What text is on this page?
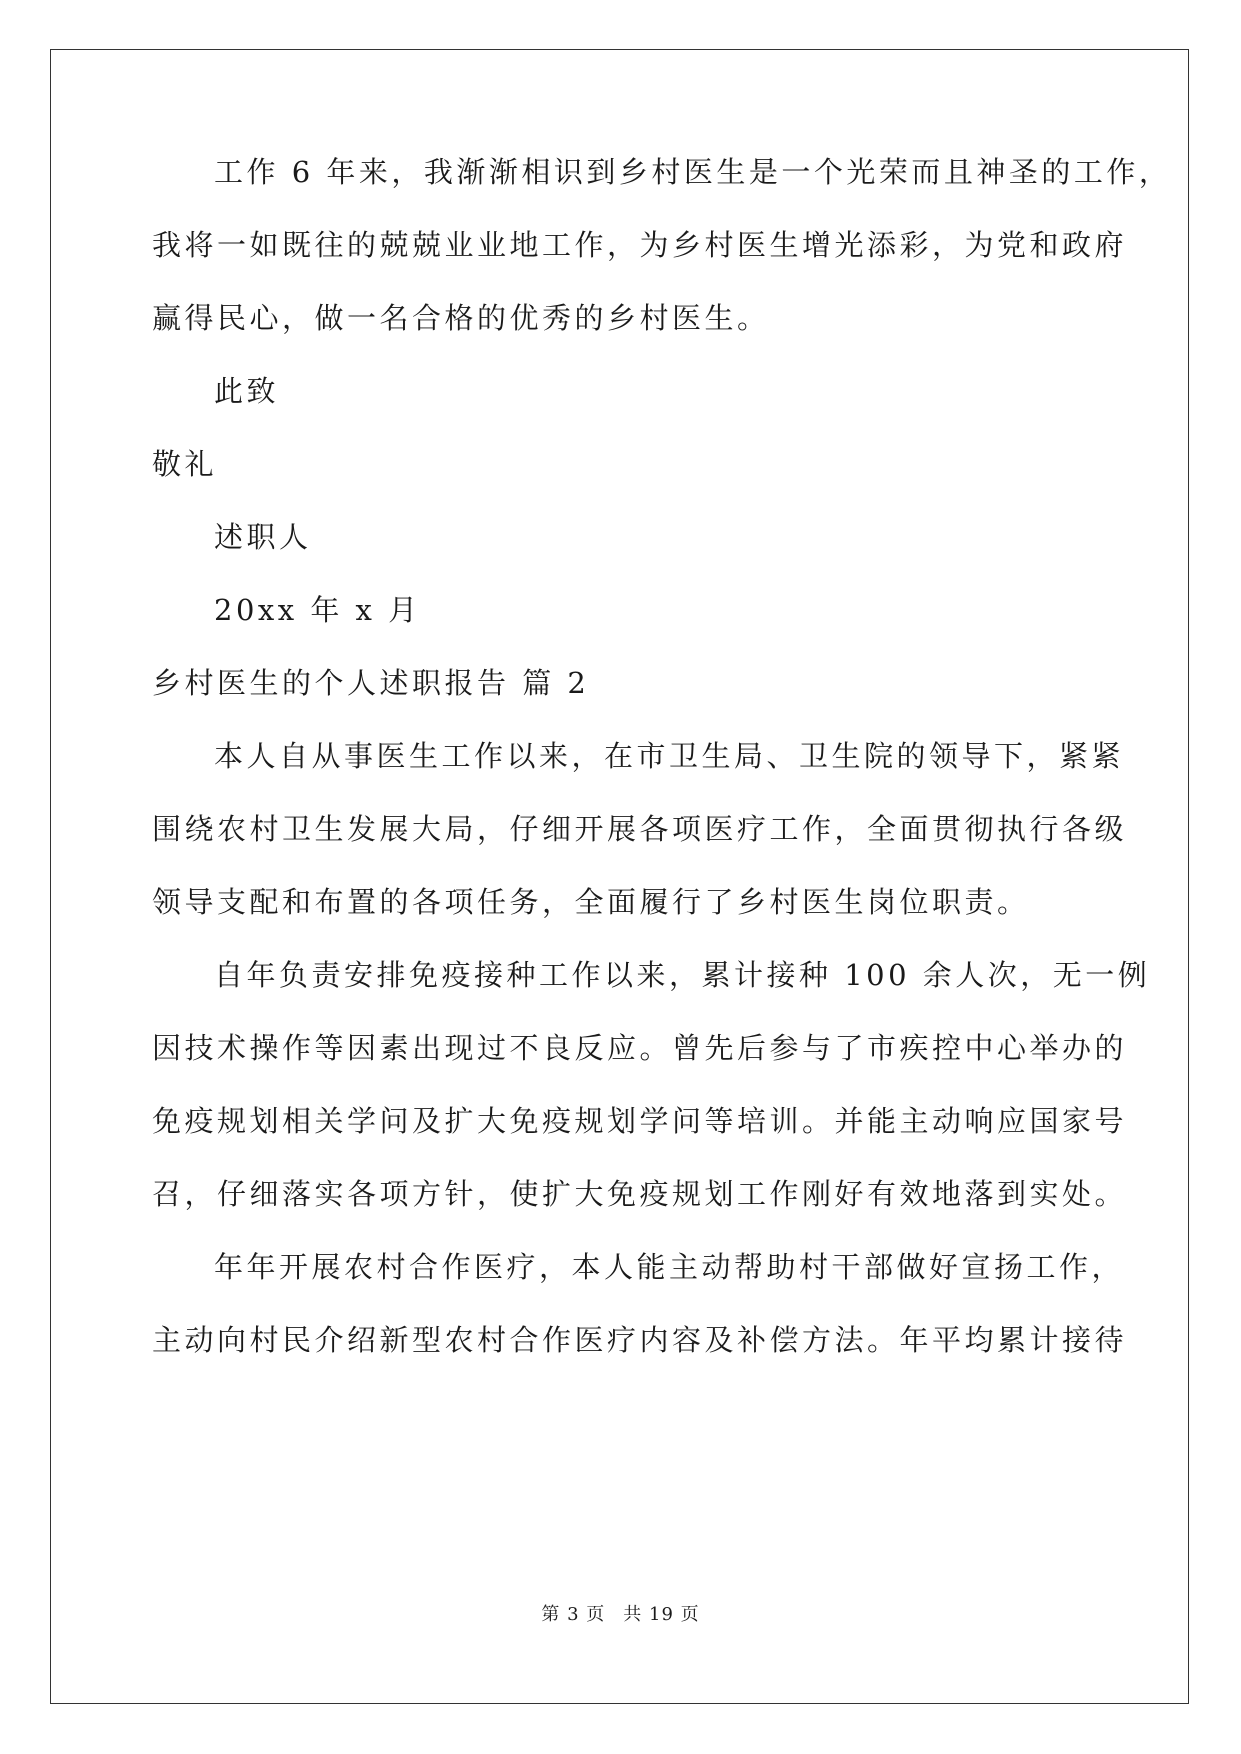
工作 6 年来，我渐渐相识到乡村医生是一个光荣而且神圣的工作，
我将一如既往的兢兢业业地工作，为乡村医生增光添彩，为党和政府
赢得民心，做一名合格的优秀的乡村医生。
此致
敬礼
述职人
20xx 年 x 月
乡村医生的个人述职报告 篇 2
本人自从事医生工作以来，在市卫生局、卫生院的领导下，紧紧
围绕农村卫生发展大局，仔细开展各项医疗工作，全面贯彻执行各级
领导支配和布置的各项任务，全面履行了乡村医生岗位职责。
自年负责安排免疫接种工作以来，累计接种 100 余人次，无一例
因技术操作等因素出现过不良反应。曾先后参与了市疾控中心举办的
免疫规划相关学问及扩大免疫规划学问等培训。并能主动响应国家号
召，仔细落实各项方针，使扩大免疫规划工作刚好有效地落到实处。
年年开展农村合作医疗，本人能主动帮助村干部做好宣扬工作，
主动向村民介绍新型农村合作医疗内容及补偿方法。年平均累计接待
第 3 页 共 19 页
